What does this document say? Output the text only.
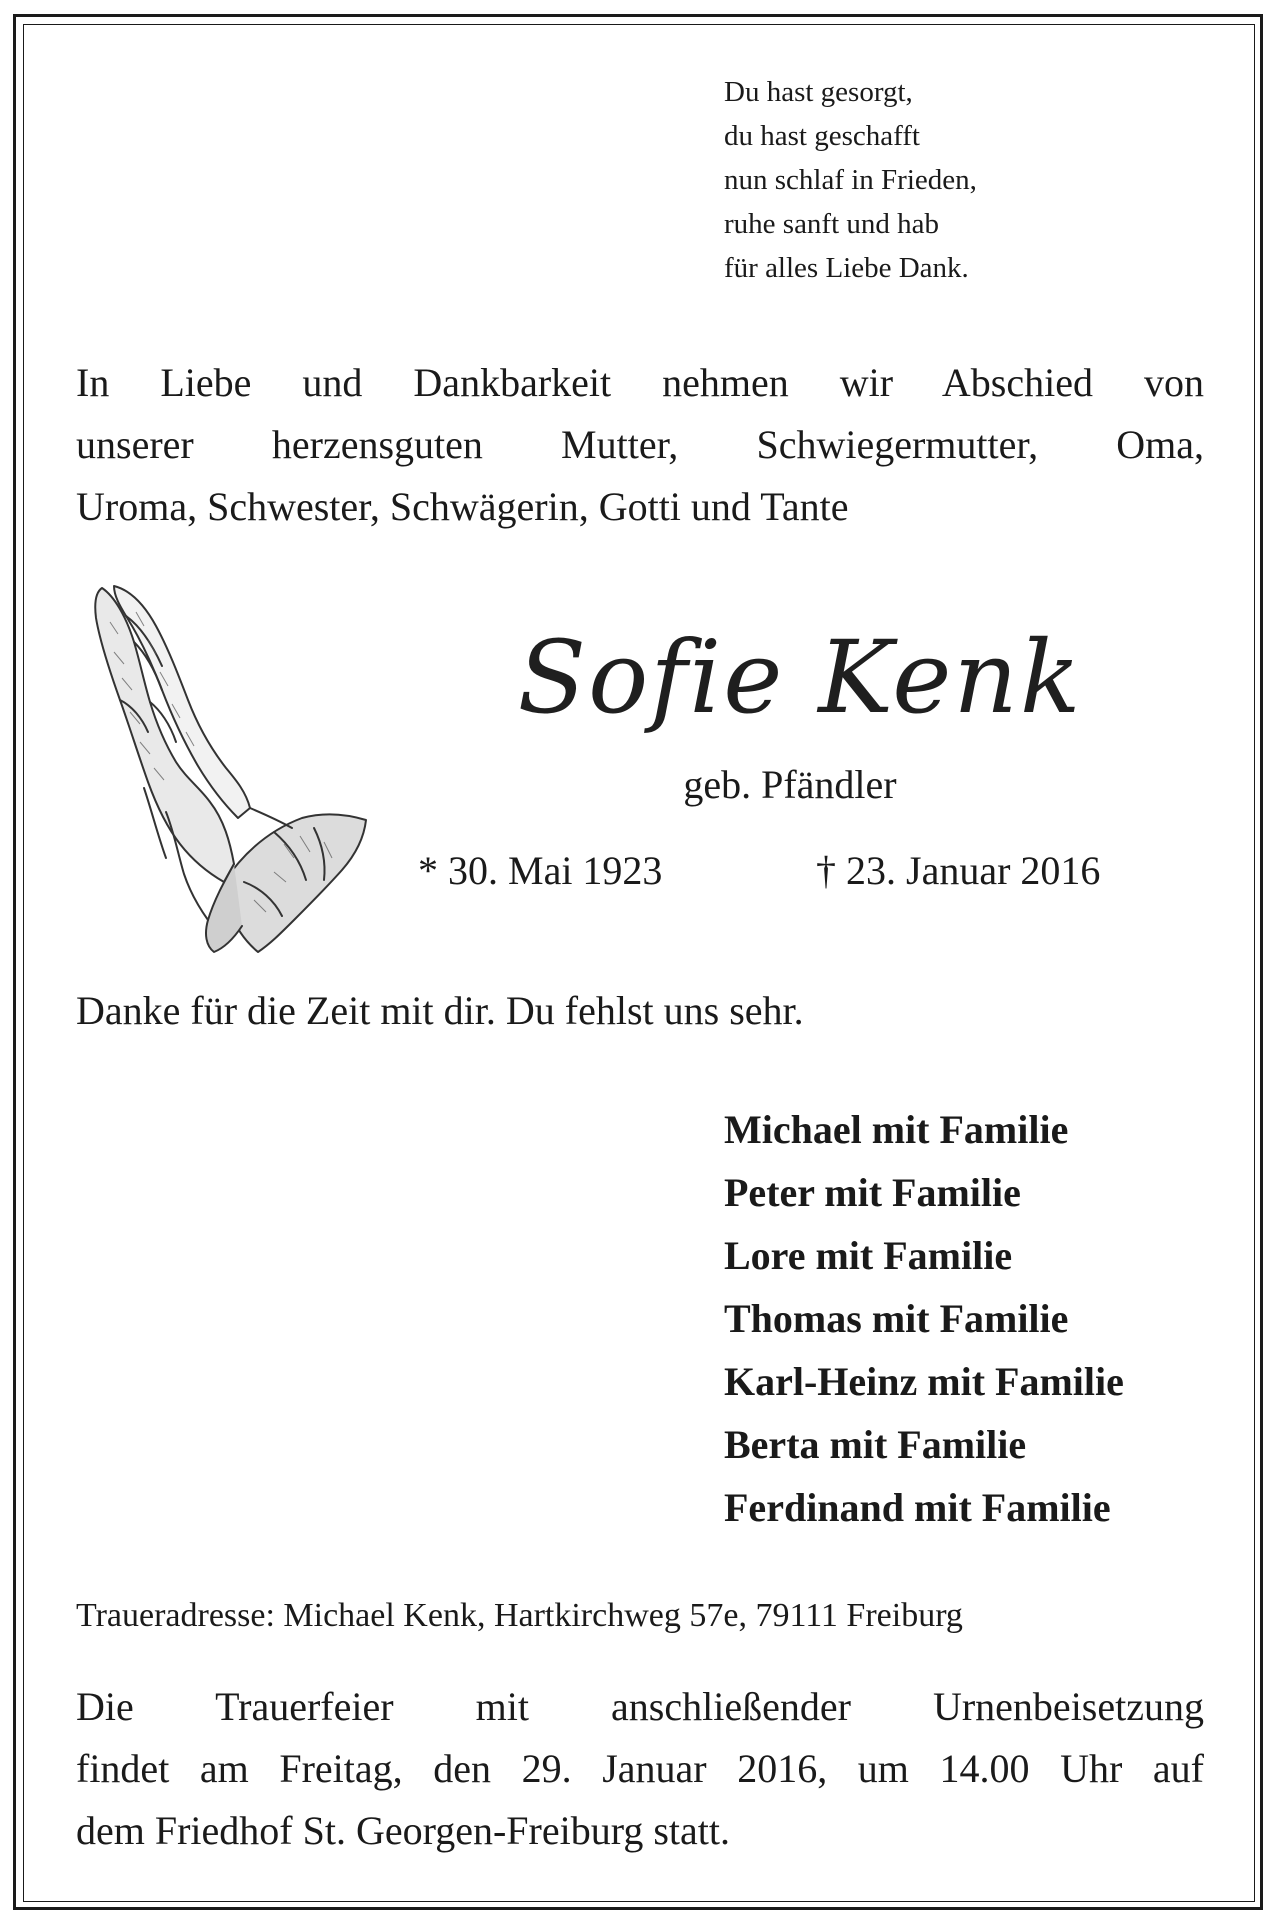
Du hast gesorgt,
du hast geschafft
nun schlaf in Frieden,
ruhe sanft und hab
für alles Liebe Dank.

In Liebe und Dankbarkeit nehmen wir Abschied von
unserer herzensguten Mutter, Schwiegermutter, Oma,
Uroma, Schwester, Schwägerin, Gotti und Tante

Sofie Kenk
geb. Pfändler
* 30. Mai 1923	† 23. Januar 2016
Danke für die Zeit mit dir. Du fehlst uns sehr.
Michael mit Familie
Peter mit Familie
Lore mit Familie
Thomas mit Familie
Karl-Heinz mit Familie
Berta mit Familie
Ferdinand mit Familie
Traueradresse: Michael Kenk, Hartkirchweg 57e, 79111 Freiburg

Die Trauerfeier mit anschließender Urnenbeisetzung
findet am Freitag, den 29. Januar 2016, um 14.00 Uhr auf
dem Friedhof St. Georgen-Freiburg statt.
